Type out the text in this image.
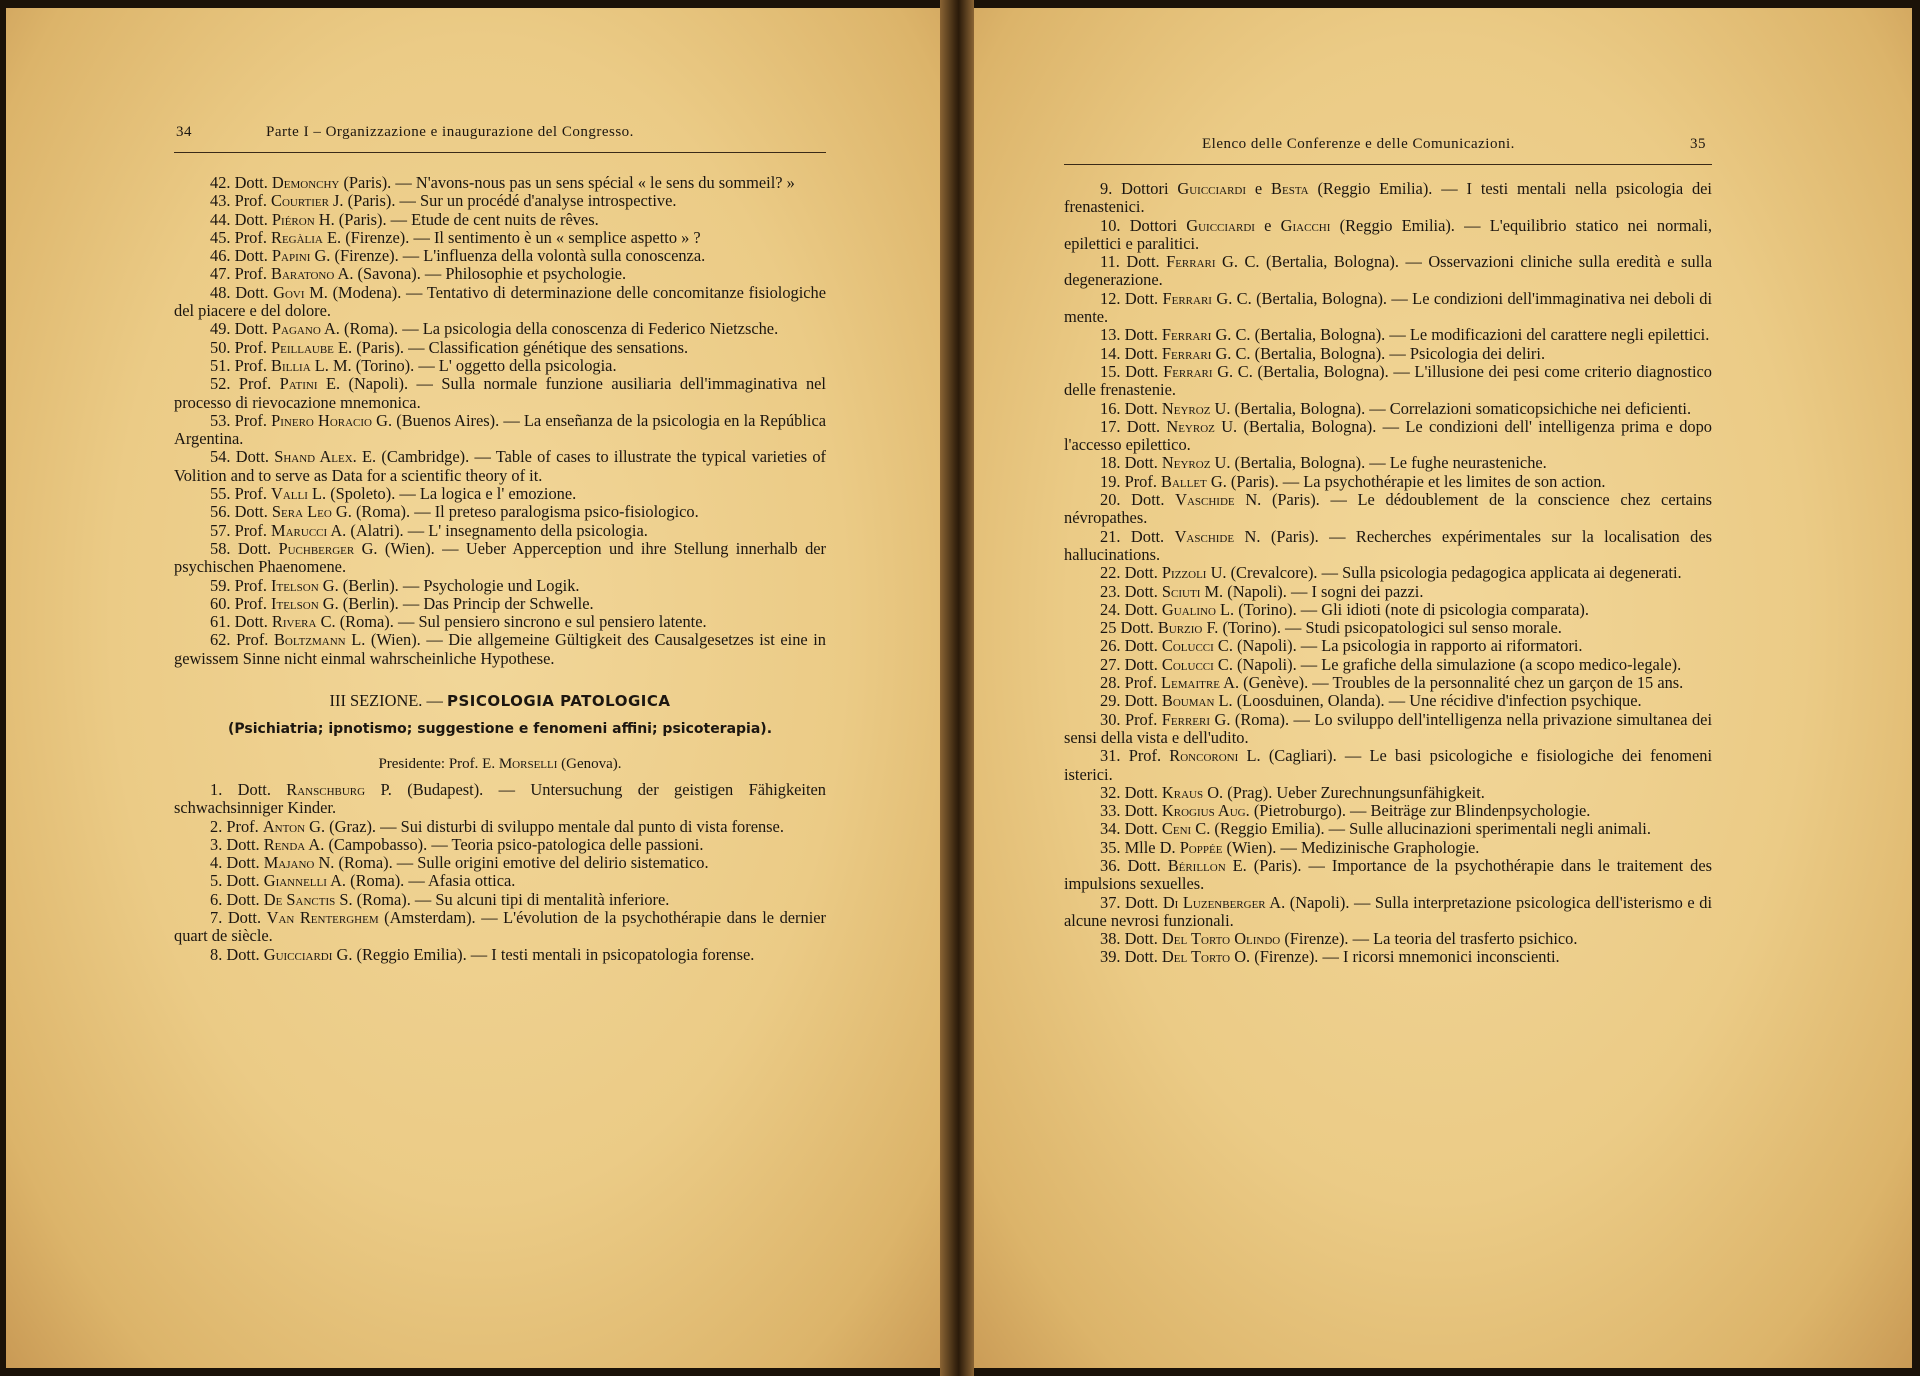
34	Parte I – Organizzazione e inaugurazione del Congresso.

42. Dott. Demonchy (Paris). — N'avons-nous pas un sens spécial « le sens du sommeil? »

43. Prof. Courtier J. (Paris). — Sur un procédé d'analyse introspective.

44. Dott. Piéron H. (Paris). — Etude de cent nuits de rêves.

45. Prof. Regàlia E. (Firenze). — Il sentimento è un « semplice aspetto » ?

46. Dott. Papini G. (Firenze). — L'influenza della volontà sulla conoscenza.

47. Prof. Baratono A. (Savona). — Philosophie et psychologie.

48. Dott. Govi M. (Modena). — Tentativo di determinazione delle concomitanze fisiologiche del piacere e del dolore.

49. Dott. Pagano A. (Roma). — La psicologia della conoscenza di Federico Nietzsche.

50. Prof. Peillaube E. (Paris). — Classification génétique des sensations.

51. Prof. Billia L. M. (Torino). — L' oggetto della psicologia.

52. Prof. Patini E. (Napoli). — Sulla normale funzione ausiliaria dell'immaginativa nel processo di rievocazione mnemonica.

53. Prof. Pinero Horacio G. (Buenos Aires). — La enseñanza de la psicologia en la República Argentina.

54. Dott. Shand Alex. E. (Cambridge). — Table of cases to illustrate the typical varieties of Volition and to serve as Data for a scientific theory of it.

55. Prof. Valli L. (Spoleto). — La logica e l' emozione.

56. Dott. Sera Leo G. (Roma). — Il preteso paralogisma psico-fisiologico.

57. Prof. Marucci A. (Alatri). — L' insegnamento della psicologia.

58. Dott. Puchberger G. (Wien). — Ueber Apperception und ihre Stellung innerhalb der psychischen Phaenomene.

59. Prof. Itelson G. (Berlin). — Psychologie und Logik.

60. Prof. Itelson G. (Berlin). — Das Princip der Schwelle.

61. Dott. Rivera C. (Roma). — Sul pensiero sincrono e sul pensiero latente.

62. Prof. Boltzmann L. (Wien). — Die allgemeine Gültigkeit des Causalgesetzes ist eine in gewissem Sinne nicht einmal wahrscheinliche Hypothese.

III SEZIONE. — PSICOLOGIA PATOLOGICA

(Psichiatria; ipnotismo; suggestione e fenomeni affini; psicoterapia).

Presidente: Prof. E. Morselli (Genova).

1. Dott. Ranschburg P. (Budapest). — Untersuchung der geistigen Fähigkeiten schwachsinniger Kinder.

2. Prof. Anton G. (Graz). — Sui disturbi di sviluppo mentale dal punto di vista forense.

3. Dott. Renda A. (Campobasso). — Teoria psico-patologica delle passioni.

4. Dott. Majano N. (Roma). — Sulle origini emotive del delirio sistematico.

5. Dott. Giannelli A. (Roma). — Afasia ottica.

6. Dott. De Sanctis S. (Roma). — Su alcuni tipi di mentalità inferiore.

7. Dott. Van Renterghem (Amsterdam). — L'évolution de la psychothérapie dans le dernier quart de siècle.

8. Dott. Guicciardi G. (Reggio Emilia). — I testi mentali in psicopatologia forense.

Elenco delle Conferenze e delle Comunicazioni.	35

9. Dottori Guicciardi e Besta (Reggio Emilia). — I testi mentali nella psicologia dei frenastenici.

10. Dottori Guicciardi e Giacchi (Reggio Emilia). — L'equilibrio statico nei normali, epilettici e paralitici.

11. Dott. Ferrari G. C. (Bertalia, Bologna). — Osservazioni cliniche sulla eredità e sulla degenerazione.

12. Dott. Ferrari G. C. (Bertalia, Bologna). — Le condizioni dell'immaginativa nei deboli di mente.

13. Dott. Ferrari G. C. (Bertalia, Bologna). — Le modificazioni del carattere negli epilettici.

14. Dott. Ferrari G. C. (Bertalia, Bologna). — Psicologia dei deliri.

15. Dott. Ferrari G. C. (Bertalia, Bologna). — L'illusione dei pesi come criterio diagnostico delle frenastenie.

16. Dott. Neyroz U. (Bertalia, Bologna). — Correlazioni somaticopsichiche nei deficienti.

17. Dott. Neyroz U. (Bertalia, Bologna). — Le condizioni dell' intelligenza prima e dopo l'accesso epilettico.

18. Dott. Neyroz U. (Bertalia, Bologna). — Le fughe neurasteniche.

19. Prof. Ballet G. (Paris). — La psychothérapie et les limites de son action.

20. Dott. Vaschide N. (Paris). — Le dédoublement de la conscience chez certains névropathes.

21. Dott. Vaschide N. (Paris). — Recherches expérimentales sur la localisation des hallucinations.

22. Dott. Pizzoli U. (Crevalcore). — Sulla psicologia pedagogica applicata ai degenerati.

23. Dott. Sciuti M. (Napoli). — I sogni dei pazzi.

24. Dott. Gualino L. (Torino). — Gli idioti (note di psicologia comparata).

25 Dott. Burzio F. (Torino). — Studi psicopatologici sul senso morale.

26. Dott. Colucci C. (Napoli). — La psicologia in rapporto ai riformatori.

27. Dott. Colucci C. (Napoli). — Le grafiche della simulazione (a scopo medico-legale).

28. Prof. Lemaitre A. (Genève). — Troubles de la personnalité chez un garçon de 15 ans.

29. Dott. Bouman L. (Loosduinen, Olanda). — Une récidive d'infection psychique.

30. Prof. Ferreri G. (Roma). — Lo sviluppo dell'intelligenza nella privazione simultanea dei sensi della vista e dell'udito.

31. Prof. Roncoroni L. (Cagliari). — Le basi psicologiche e fisiologiche dei fenomeni isterici.

32. Dott. Kraus O. (Prag). Ueber Zurechnungsunfähigkeit.

33. Dott. Krogius Aug. (Pietroburgo). — Beiträge zur Blindenpsychologie.

34. Dott. Ceni C. (Reggio Emilia). — Sulle allucinazioni sperimentali negli animali.

35. Mlle D. Poppée (Wien). — Medizinische Graphologie.

36. Dott. Bérillon E. (Paris). — Importance de la psychothérapie dans le traitement des impulsions sexuelles.

37. Dott. Di Luzenberger A. (Napoli). — Sulla interpretazione psicologica dell'isterismo e di alcune nevrosi funzionali.

38. Dott. Del Torto Olindo (Firenze). — La teoria del trasferto psichico.

39. Dott. Del Torto O. (Firenze). — I ricorsi mnemonici inconscienti.
